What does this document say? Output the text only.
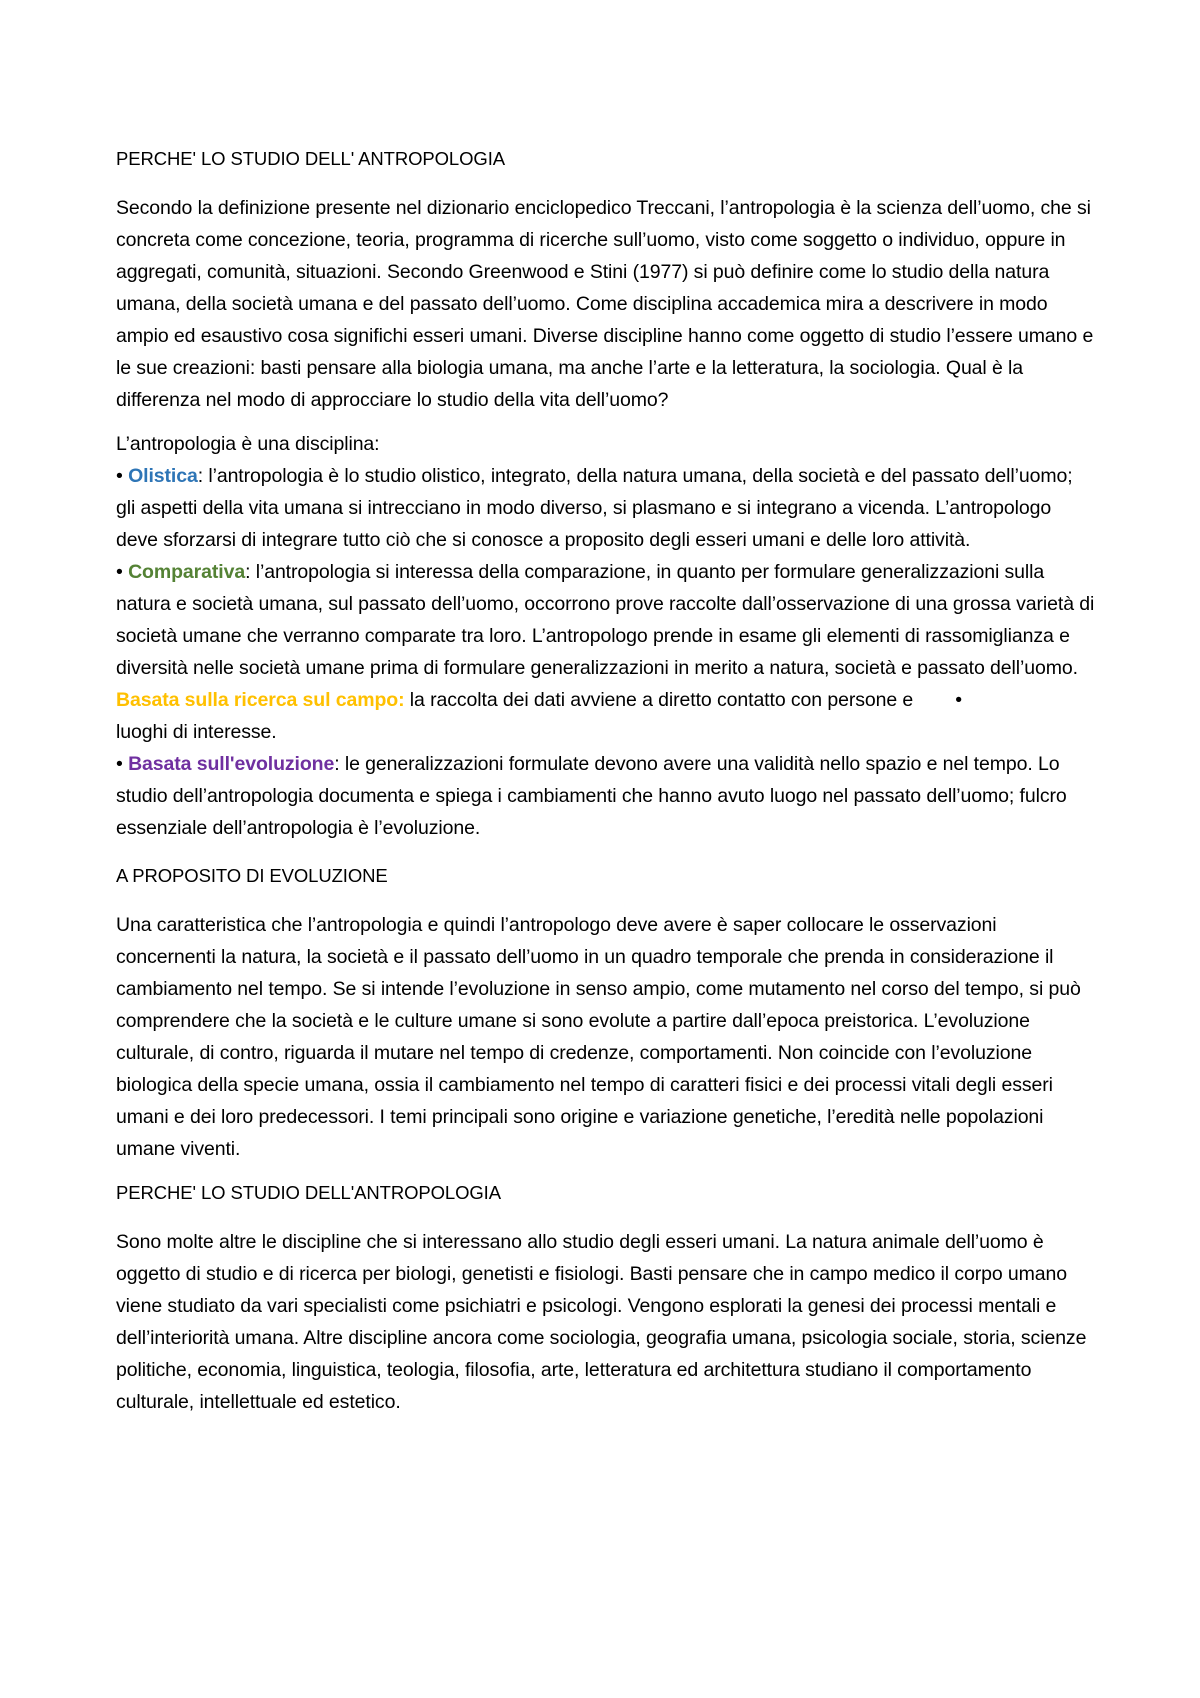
PERCHE' LO STUDIO DELL' ANTROPOLOGIA
Secondo la definizione presente nel dizionario enciclopedico Treccani, l’antropologia è la scienza dell’uomo, che si concreta come concezione, teoria, programma di ricerche sull’uomo, visto come soggetto o individuo, oppure in aggregati, comunità, situazioni. Secondo Greenwood e Stini (1977) si può definire come lo studio della natura umana, della società umana e del passato dell’uomo. Come disciplina accademica mira a descrivere in modo ampio ed esaustivo cosa significhi esseri umani. Diverse discipline hanno come oggetto di studio l’essere umano e le sue creazioni: basti pensare alla biologia umana, ma anche l’arte e la letteratura, la sociologia. Qual è la differenza nel modo di approcciare lo studio della vita dell’uomo?
L’antropologia è una disciplina:
• Olistica: l’antropologia è lo studio olistico, integrato, della natura umana, della società e del passato dell’uomo; gli aspetti della vita umana si intrecciano in modo diverso, si plasmano e si integrano a vicenda. L’antropologo deve sforzarsi di integrare tutto ciò che si conosce a proposito degli esseri umani e delle loro attività.
• Comparativa: l’antropologia si interessa della comparazione, in quanto per formulare generalizzazioni sulla natura e società umana, sul passato dell’uomo, occorrono prove raccolte dall’osservazione di una grossa varietà di società umane che verranno comparate tra loro. L’antropologo prende in esame gli elementi di rassomiglianza e diversità nelle società umane prima di formulare generalizzazioni in merito a natura, società e passato dell’uomo.
•
Basata sulla ricerca sul campo: la raccolta dei dati avviene a diretto contatto con persone e luoghi di interesse.
• Basata sull'evoluzione: le generalizzazioni formulate devono avere una validità nello spazio e nel tempo. Lo studio dell’antropologia documenta e spiega i cambiamenti che hanno avuto luogo nel passato dell’uomo; fulcro essenziale dell’antropologia è l’evoluzione.
A PROPOSITO DI EVOLUZIONE
Una caratteristica che l’antropologia e quindi l’antropologo deve avere è saper collocare le osservazioni concernenti la natura, la società e il passato dell’uomo in un quadro temporale che prenda in considerazione il cambiamento nel tempo. Se si intende l’evoluzione in senso ampio, come mutamento nel corso del tempo, si può comprendere che la società e le culture umane si sono evolute a partire dall’epoca preistorica. L’evoluzione culturale, di contro, riguarda il mutare nel tempo di credenze, comportamenti. Non coincide con l’evoluzione biologica della specie umana, ossia il cambiamento nel tempo di caratteri fisici e dei processi vitali degli esseri umani e dei loro predecessori. I temi principali sono origine e variazione genetiche, l’eredità nelle popolazioni umane viventi.
PERCHE' LO STUDIO DELL'ANTROPOLOGIA
Sono molte altre le discipline che si interessano allo studio degli esseri umani. La natura animale dell’uomo è oggetto di studio e di ricerca per biologi, genetisti e fisiologi. Basti pensare che in campo medico il corpo umano viene studiato da vari specialisti come psichiatri e psicologi. Vengono esplorati la genesi dei processi mentali e dell’interiorità umana. Altre discipline ancora come sociologia, geografia umana, psicologia sociale, storia, scienze politiche, economia, linguistica, teologia, filosofia, arte, letteratura ed architettura studiano il comportamento culturale, intellettuale ed estetico.
